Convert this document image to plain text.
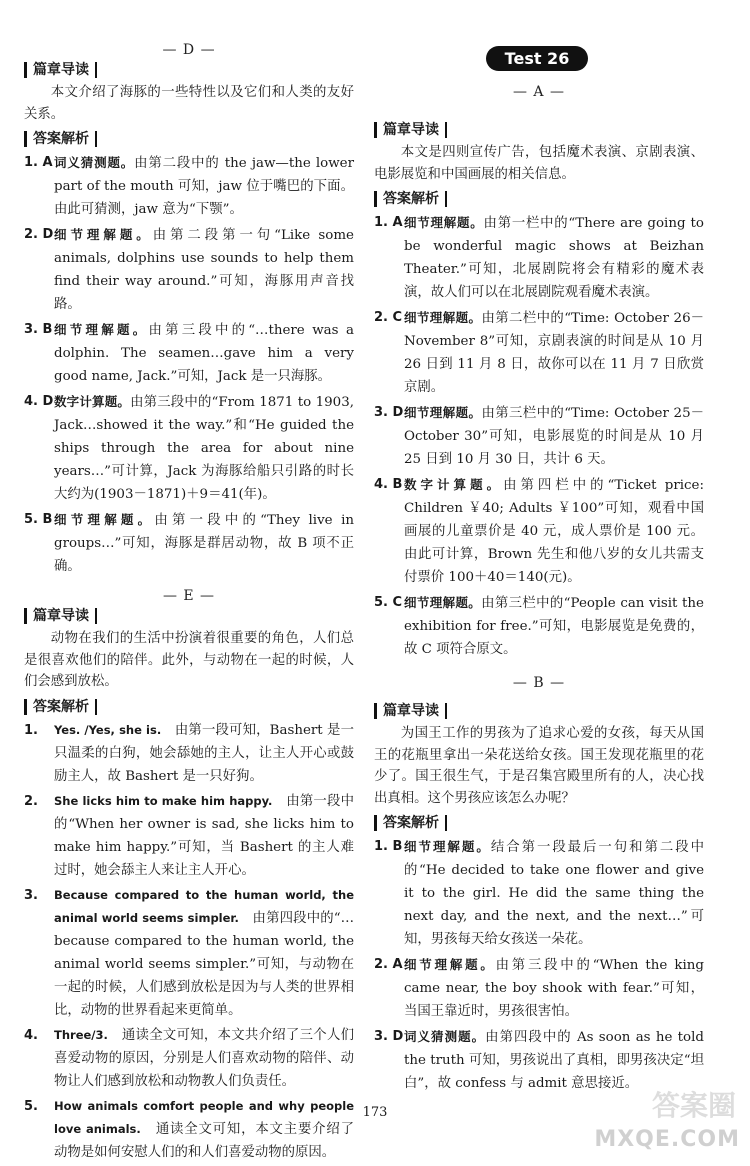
— D —
篇章导读
本文介绍了海豚的一些特性以及它们和人类的友好关系。
答案解析
1. A 词义猜测题。由第二段中的 the jaw—the lower part of the mouth 可知，jaw 位于嘴巴的下面。由此可猜测，jaw 意为“下颚”。
2. D 细节理解题。由第二段第一句“Like some animals, dolphins use sounds to help them find their way around.”可知，海豚用声音找路。
3. B 细节理解题。由第三段中的“…there was a dolphin. The seamen…gave him a very good name, Jack.”可知，Jack 是一只海豚。
4. D 数字计算题。由第三段中的“From 1871 to 1903, Jack…showed it the way.”和“He guided the ships through the area for about nine years…”可计算，Jack 为海豚给船只引路的时长大约为(1903－1871)＋9＝41(年)。
5. B 细节理解题。由第一段中的“They live in groups…”可知，海豚是群居动物，故 B 项不正确。
— E —
篇章导读
动物在我们的生活中扮演着很重要的角色，人们总是很喜欢他们的陪伴。此外，与动物在一起的时候，人们会感到放松。
答案解析
1. Yes. /Yes, she is.　 由第一段可知，Bashert 是一只温柔的白狗，她会舔她的主人，让主人开心或鼓励主人，故 Bashert 是一只好狗。
2. She licks him to make him happy.　 由第一段中的“When her owner is sad, she licks him to make him happy.”可知，当 Bashert 的主人难过时，她会舔主人来让主人开心。
3. Because compared to the human world, the animal world seems simpler.　 由第四段中的“…because compared to the human world, the animal world seems simpler.”可知，与动物在一起的时候，人们感到放松是因为与人类的世界相比，动物的世界看起来更简单。
4. Three/3.　 通读全文可知，本文共介绍了三个人们喜爱动物的原因，分别是人们喜欢动物的陪伴、动物让人们感到放松和动物教人们负责任。
5. How animals comfort people and why people love animals.　 通读全文可知，本文主要介绍了动物是如何安慰人们的和人们喜爱动物的原因。
Test 26
— A —
篇章导读
本文是四则宣传广告，包括魔术表演、京剧表演、电影展览和中国画展的相关信息。
答案解析
1. A 细节理解题。由第一栏中的“There are going to be wonderful magic shows at Beizhan Theater.”可知，北展剧院将会有精彩的魔术表演，故人们可以在北展剧院观看魔术表演。
2. C 细节理解题。由第二栏中的“Time: October 26－November 8”可知，京剧表演的时间是从 10 月 26 日到 11 月 8 日，故你可以在 11 月 7 日欣赏京剧。
3. D 细节理解题。由第三栏中的“Time: October 25－October 30”可知，电影展览的时间是从 10 月 25 日到 10 月 30 日，共计 6 天。
4. B 数字计算题。由第四栏中的“Ticket price: Children ￥40; Adults ￥100”可知，观看中国画展的儿童票价是 40 元，成人票价是 100 元。由此可计算，Brown 先生和他八岁的女儿共需支付票价 100＋40＝140(元)。
5. C 细节理解题。由第三栏中的“People can visit the exhibition for free.”可知，电影展览是免费的，故 C 项符合原文。
— B —
篇章导读
为国王工作的男孩为了追求心爱的女孩，每天从国王的花瓶里拿出一朵花送给女孩。国王发现花瓶里的花少了。国王很生气，于是召集宫殿里所有的人，决心找出真相。这个男孩应该怎么办呢？
答案解析
1. B 细节理解题。结合第一段最后一句和第二段中的“He decided to take one flower and give it to the girl. He did the same thing the next day, and the next, and the next…”可知，男孩每天给女孩送一朵花。
2. A 细节理解题。由第三段中的“When the king came near, the boy shook with fear.”可知，当国王靠近时，男孩很害怕。
3. D 词义猜测题。由第四段中的 As soon as he told the truth 可知，男孩说出了真相，即男孩决定“坦白”，故 confess 与 admit 意思接近。
173	答案圈
MXQE.COM
